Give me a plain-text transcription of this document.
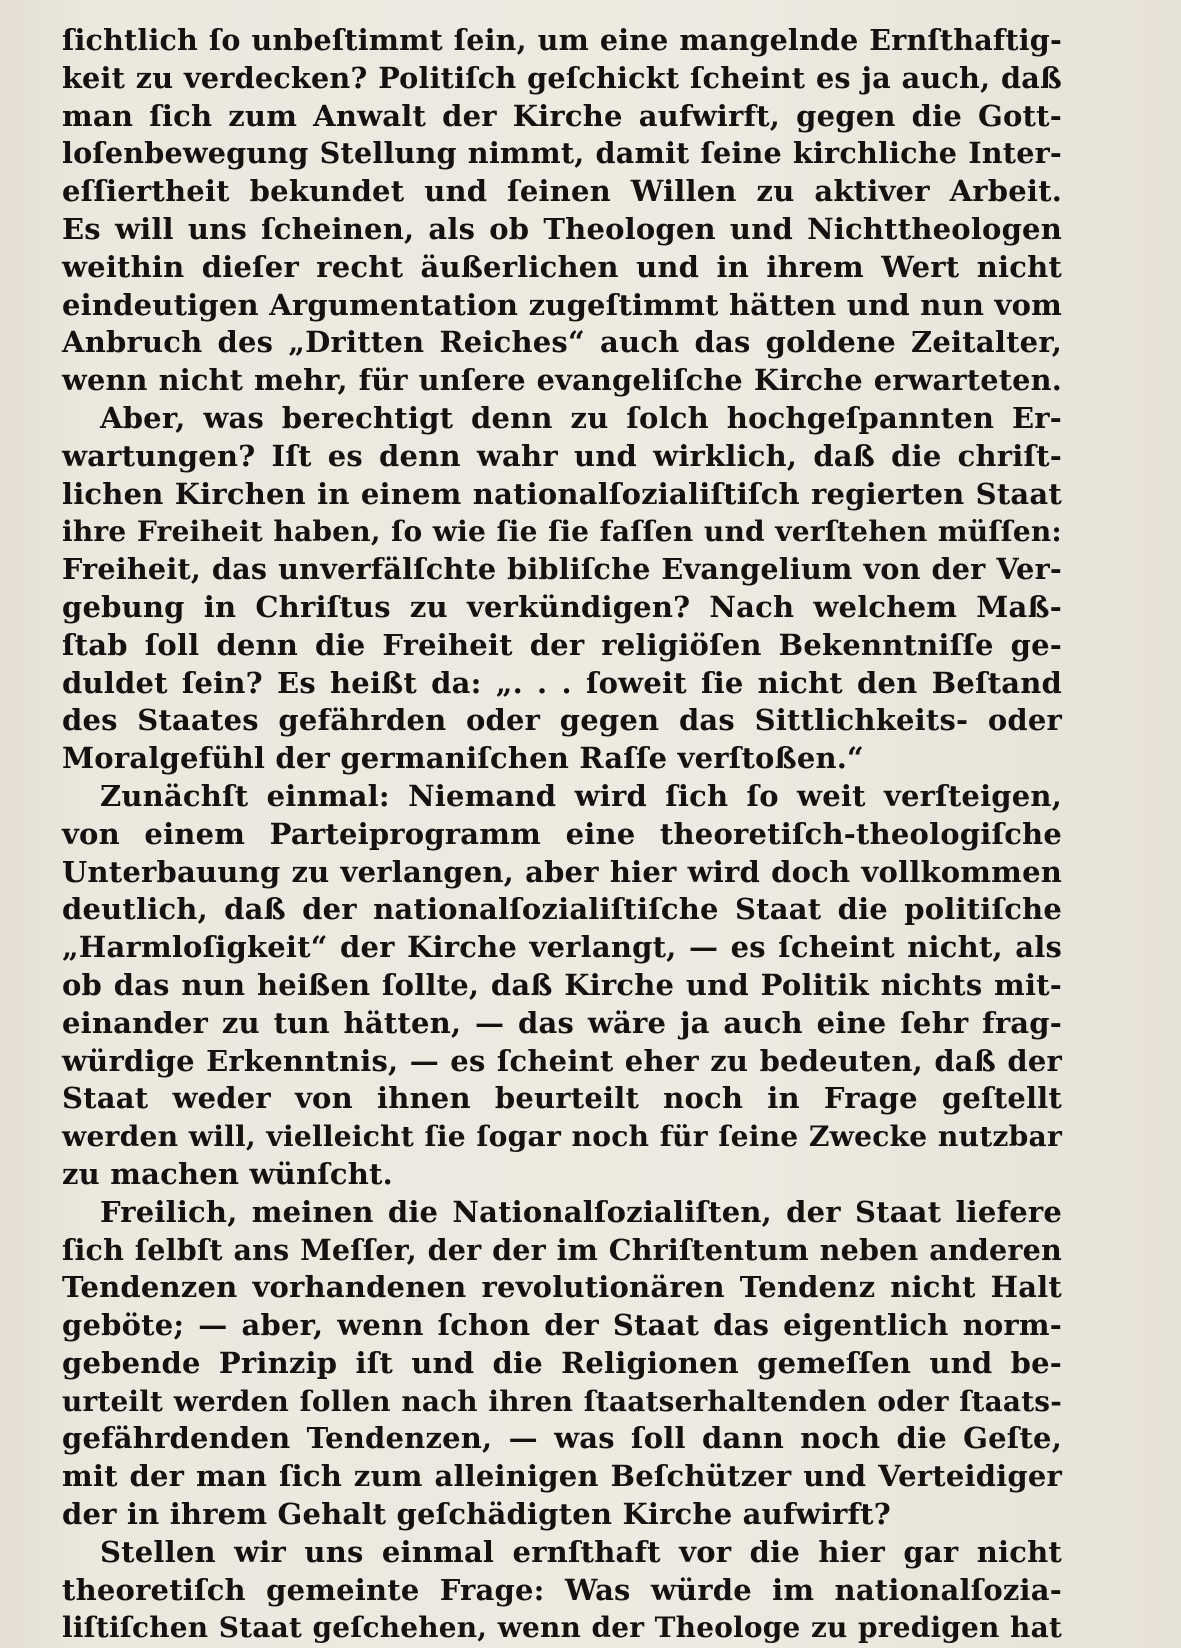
ſichtlich ſo unbeſtimmt ſein, um eine mangelnde Ernſthaftig-
keit zu verdecken? Politiſch geſchickt ſcheint es ja auch, daß
man ſich zum Anwalt der Kirche aufwirft, gegen die Gott-
loſenbewegung Stellung nimmt, damit ſeine kirchliche Inter-
eſſiertheit bekundet und ſeinen Willen zu aktiver Arbeit.
Es will uns ſcheinen, als ob Theologen und Nichttheologen
weithin dieſer recht äußerlichen und in ihrem Wert nicht
eindeutigen Argumentation zugeſtimmt hätten und nun vom
Anbruch des „Dritten Reiches“ auch das goldene Zeitalter,
wenn nicht mehr, für unſere evangeliſche Kirche erwarteten.
Aber, was berechtigt denn zu ſolch hochgeſpannten Er-
wartungen? Iſt es denn wahr und wirklich, daß die chriſt-
lichen Kirchen in einem nationalſozialiſtiſch regierten Staat
ihre Freiheit haben, ſo wie ſie ſie faſſen und verſtehen müſſen:
Freiheit, das unverfälſchte bibliſche Evangelium von der Ver-
gebung in Chriſtus zu verkündigen? Nach welchem Maß-
ſtab ſoll denn die Freiheit der religiöſen Bekenntniſſe ge-
duldet ſein? Es heißt da: „. . . ſoweit ſie nicht den Beſtand
des Staates gefährden oder gegen das Sittlichkeits- oder
Moralgefühl der germaniſchen Raſſe verſtoßen.“
Zunächſt einmal: Niemand wird ſich ſo weit verſteigen,
von einem Parteiprogramm eine theoretiſch-theologiſche
Unterbauung zu verlangen, aber hier wird doch vollkommen
deutlich, daß der nationalſozialiſtiſche Staat die politiſche
„Harmloſigkeit“ der Kirche verlangt, — es ſcheint nicht, als
ob das nun heißen ſollte, daß Kirche und Politik nichts mit-
einander zu tun hätten, — das wäre ja auch eine ſehr frag-
würdige Erkenntnis, — es ſcheint eher zu bedeuten, daß der
Staat weder von ihnen beurteilt noch in Frage geſtellt
werden will, vielleicht ſie ſogar noch für ſeine Zwecke nutzbar
zu machen wünſcht.
Freilich, meinen die Nationalſozialiſten, der Staat liefere
ſich ſelbſt ans Meſſer, der der im Chriſtentum neben anderen
Tendenzen vorhandenen revolutionären Tendenz nicht Halt
geböte; — aber, wenn ſchon der Staat das eigentlich norm-
gebende Prinzip iſt und die Religionen gemeſſen und be-
urteilt werden ſollen nach ihren ſtaatserhaltenden oder ſtaats-
gefährdenden Tendenzen, — was ſoll dann noch die Geſte,
mit der man ſich zum alleinigen Beſchützer und Verteidiger
der in ihrem Gehalt geſchädigten Kirche aufwirft?
Stellen wir uns einmal ernſthaft vor die hier gar nicht
theoretiſch gemeinte Frage: Was würde im nationalſozia-
liſtiſchen Staat geſchehen, wenn der Theologe zu predigen hat
